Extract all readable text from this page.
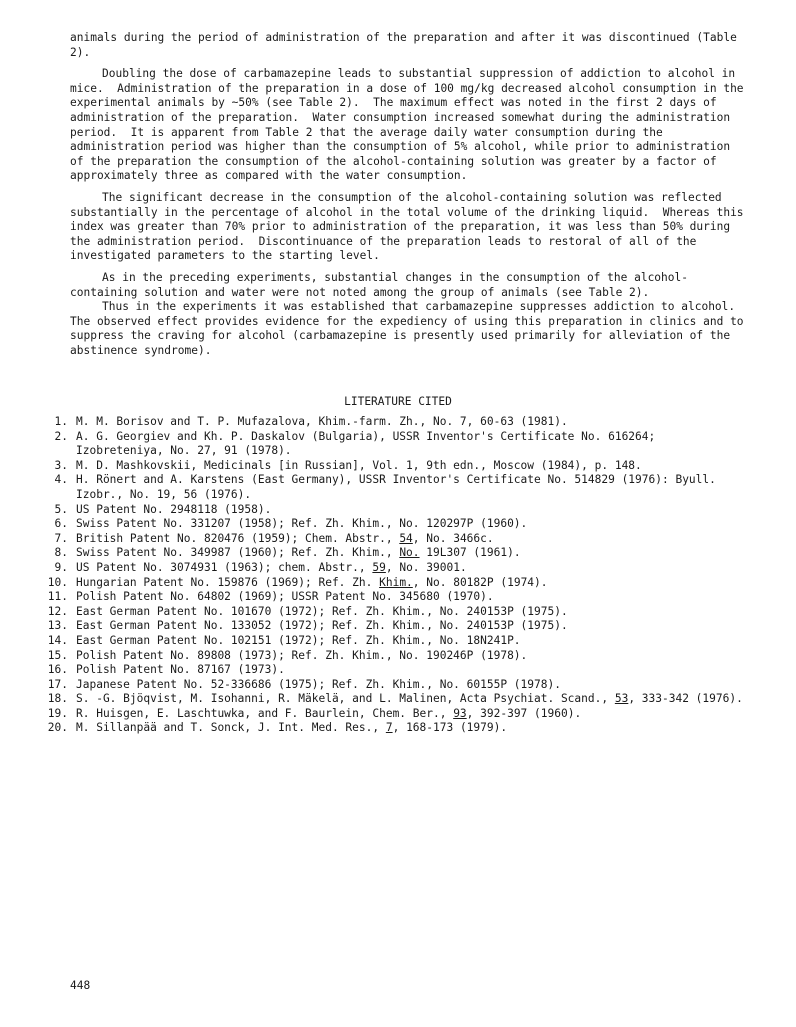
animals during the period of administration of the preparation and after it was discontinued (Table 2).

Doubling the dose of carbamazepine leads to substantial suppression of addiction to alcohol in mice.  Administration of the preparation in a dose of 100 mg/kg decreased alcohol consumption in the experimental animals by ~50% (see Table 2).  The maximum effect was noted in the first 2 days of administration of the preparation.  Water consumption increased somewhat during the administration period.  It is apparent from Table 2 that the average daily water consumption during the administration period was higher than the consumption of 5% alcohol, while prior to administration of the preparation the consumption of the alcohol-containing solution was greater by a factor of approximately three as compared with the water consumption.

The significant decrease in the consumption of the alcohol-containing solution was reflected substantially in the percentage of alcohol in the total volume of the drinking liquid.  Whereas this index was greater than 70% prior to administration of the preparation, it was less than 50% during the administration period.  Discontinuance of the preparation leads to restoral of all of the investigated parameters to the starting level.

As in the preceding experiments, substantial changes in the consumption of the alcohol-containing solution and water were not noted among the group of animals (see Table 2).

Thus in the experiments it was established that carbamazepine suppresses addiction to alcohol.  The observed effect provides evidence for the expediency of using this preparation in clinics and to suppress the craving for alcohol (carbamazepine is presently used primarily for alleviation of the abstinence syndrome).

LITERATURE CITED
1. M. M. Borisov and T. P. Mufazalova, Khim.-farm. Zh., No. 7, 60-63 (1981).
2. A. G. Georgiev and Kh. P. Daskalov (Bulgaria), USSR Inventor's Certificate No. 616264; Izobreteniya, No. 27, 91 (1978).
3. M. D. Mashkovskii, Medicinals [in Russian], Vol. 1, 9th edn., Moscow (1984), p. 148.
4. H. Rönert and A. Karstens (East Germany), USSR Inventor's Certificate No. 514829 (1976): Byull. Izobr., No. 19, 56 (1976).
5. US Patent No. 2948118 (1958).
6. Swiss Patent No. 331207 (1958); Ref. Zh. Khim., No. 120297P (1960).
7. British Patent No. 820476 (1959); Chem. Abstr., 54, No. 3466c.
8. Swiss Patent No. 349987 (1960); Ref. Zh. Khim., No. 19L307 (1961).
9. US Patent No. 3074931 (1963); chem. Abstr., 59, No. 39001.
10. Hungarian Patent No. 159876 (1969); Ref. Zh. Khim., No. 80182P (1974).
11. Polish Patent No. 64802 (1969); USSR Patent No. 345680 (1970).
12. East German Patent No. 101670 (1972); Ref. Zh. Khim., No. 240153P (1975).
13. East German Patent No. 133052 (1972); Ref. Zh. Khim., No. 240153P (1975).
14. East German Patent No. 102151 (1972); Ref. Zh. Khim., No. 18N241P.
15. Polish Patent No. 89808 (1973); Ref. Zh. Khim., No. 190246P (1978).
16. Polish Patent No. 87167 (1973).
17. Japanese Patent No. 52-336686 (1975); Ref. Zh. Khim., No. 60155P (1978).
18. S. -G. Bjöqvist, M. Isohanni, R. Mäkelä, and L. Malinen, Acta Psychiat. Scand., 53, 333-342 (1976).
19. R. Huisgen, E. Laschtuwka, and F. Baurlein, Chem. Ber., 93, 392-397 (1960).
20. M. Sillanpää and T. Sonck, J. Int. Med. Res., 7, 168-173 (1979).
448
